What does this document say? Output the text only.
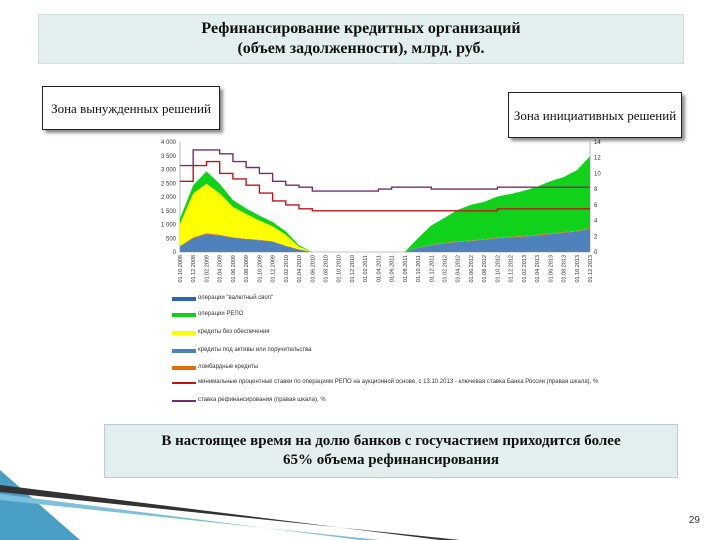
Рефинансирование кредитных организаций
(объем задолженности), млрд. руб.
Зона вынужденных решений	Зона инициативных решений
0
500
1 000
1 500
2 000
2 500
3 000
3 500
4 000
0
2
4
6
8
10
12
14
01.10.2008 01.12.2008 01.02.2009 01.04.2009 01.06.2009 01.08.2009 01.10.2009 01.12.2009 01.02.2010 01.04.2010 01.06.2010 01.08.2010 01.10.2010 01.12.2010 01.02.2011 01.04.2011 01.06.2011 01.08.2011 01.10.2011 01.12.2011 01.02.2012 01.04.2012 01.06.2012 01.08.2012 01.10.2012 01.12.2012 01.02.2013 01.04.2013 01.06.2013 01.08.2013 01.10.2013 01.12.2013
операции "валютный своп"
операции РЕПО
кредиты без обеспечения
кредиты под активы или поручительства
ломбардные кредиты
минимальные процентные ставки по операциям РЕПО на аукционной основе, с 13.10.2013 - ключевая ставка Банка России (правая шкала), %
ставка рефинансирования (правая шкала), %
В настоящее время на долю банков с госучастием приходится более
65% объема рефинансирования
29
